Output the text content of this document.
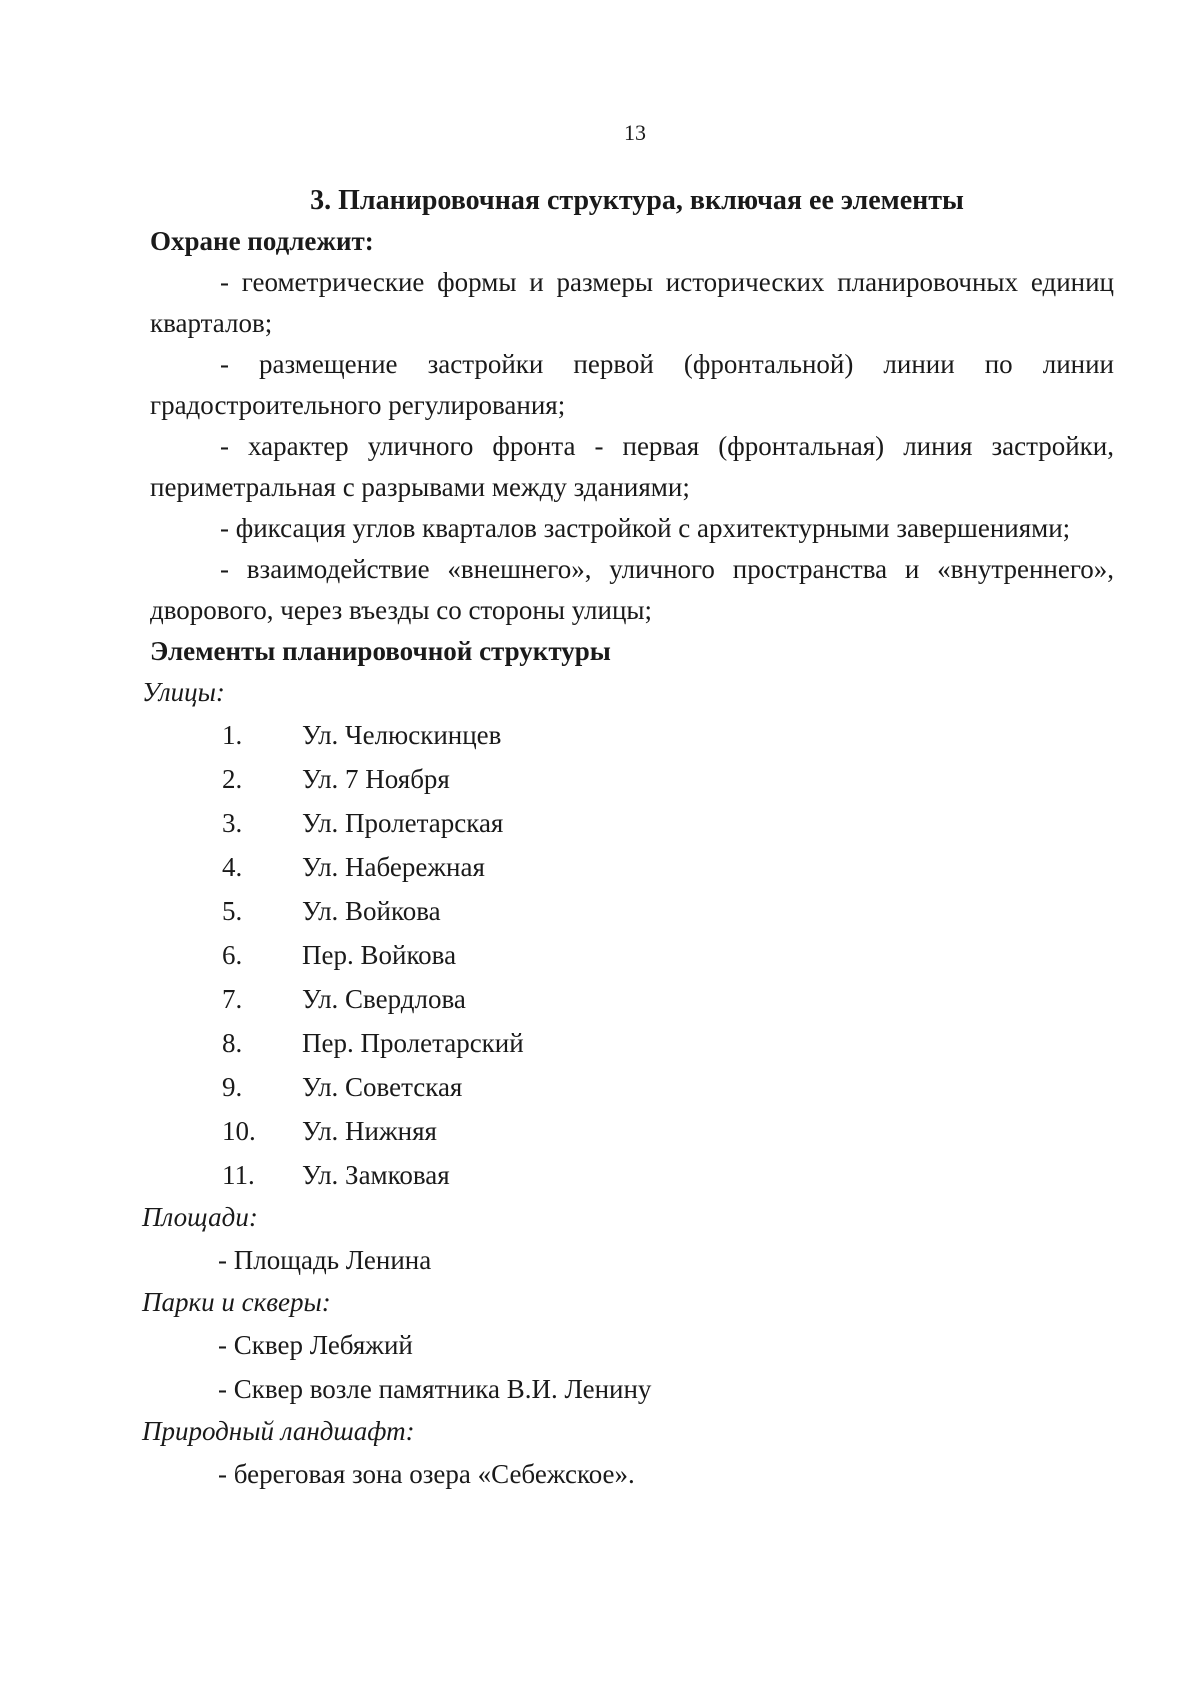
13
3. Планировочная структура, включая ее элементы
Охране подлежит:

- геометрические формы и размеры исторических планировочных единиц кварталов;

- размещение застройки первой (фронтальной) линии по линии градостроительного регулирования;

- характер уличного фронта - первая (фронтальная) линия застройки, периметральная с разрывами между зданиями;

- фиксация углов кварталов застройкой с архитектурными завершениями;

- взаимодействие «внешнего», уличного пространства и «внутреннего», дворового, через въезды со стороны улицы;

Элементы планировочной структуры
Улицы:
1.	Ул. Челюскинцев
2.	Ул. 7 Ноября
3.	Ул. Пролетарская
4.	Ул. Набережная
5.	Ул. Войкова
6.	Пер. Войкова
7.	Ул. Свердлова
8.	Пер. Пролетарский
9.	Ул. Советская
10.	Ул. Нижняя
11.	Ул. Замковая
Площади:
- Площадь Ленина
Парки и скверы:
- Сквер Лебяжий
- Сквер возле памятника В.И. Ленину
Природный ландшафт:
- береговая зона озера «Себежское».
